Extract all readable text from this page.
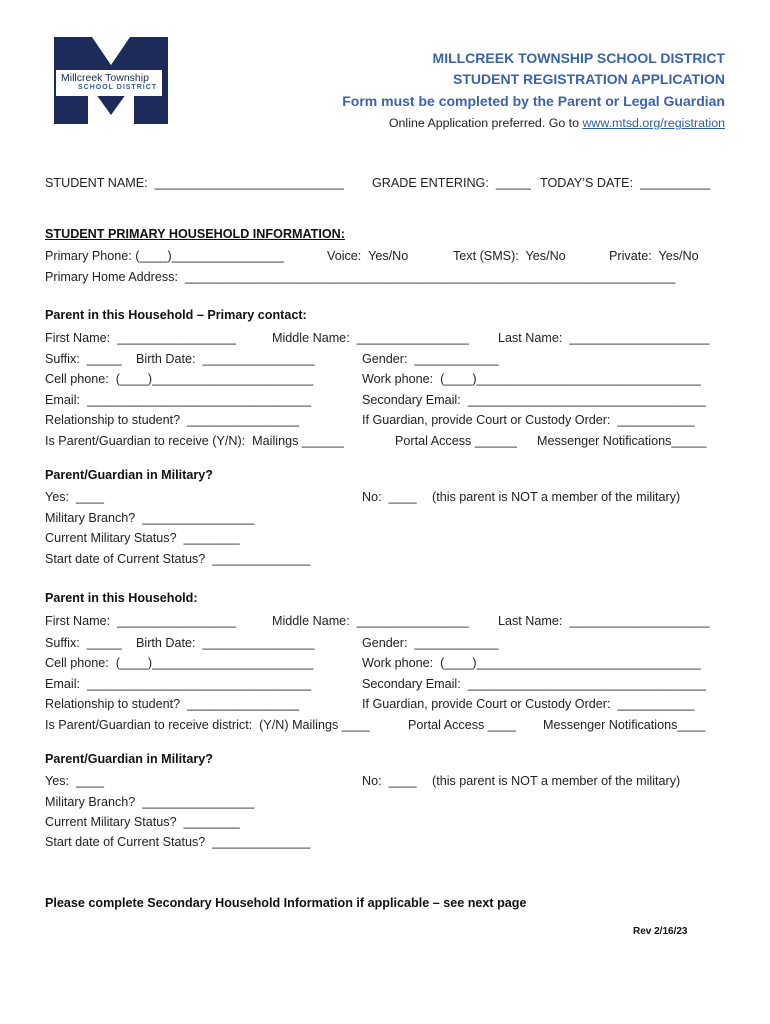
Millcreek Township
SCHOOL DISTRICT
MILLCREEK TOWNSHIP SCHOOL DISTRICT
STUDENT REGISTRATION APPLICATION
Form must be completed by the Parent or Legal Guardian
Online Application preferred. Go to www.mtsd.org/registration
STUDENT NAME:  ___________________________ GRADE ENTERING:  _____ TODAY’S DATE:  __________
STUDENT PRIMARY HOUSEHOLD INFORMATION:
Primary Phone: (____)________________	Voice:  Yes/No	Text (SMS):  Yes/No	Private:  Yes/No
Primary Home Address:  ______________________________________________________________________
Parent in this Household – Primary contact:
First Name:  _________________	Middle Name:  ________________ Last Name:  ____________________
Suffix:  _____ Birth Date:  ________________	Gender:  ____________
Cell phone:  (____)_______________________	Work phone:  (____)________________________________
Email:  ________________________________	Secondary Email:  __________________________________
Relationship to student?  ________________	If Guardian, provide Court or Custody Order:  ___________
Is Parent/Guardian to receive (Y/N):  Mailings ______	Portal Access ______ Messenger Notifications_____
Parent/Guardian in Military?
Yes:  ____	No:  ____ (this parent is NOT a member of the military)
Military Branch?  ________________
Current Military Status?  ________
Start date of Current Status?  ______________
Parent in this Household:
First Name:  _________________	Middle Name:  ________________ Last Name:  ____________________
Suffix:  _____ Birth Date:  ________________	Gender:  ____________
Cell phone:  (____)_______________________	Work phone:  (____)________________________________
Email:  ________________________________	Secondary Email:  __________________________________
Relationship to student?  ________________	If Guardian, provide Court or Custody Order:  ___________
Is Parent/Guardian to receive district:  (Y/N) Mailings ____	Portal Access ____ Messenger Notifications____
Parent/Guardian in Military?
Yes:  ____	No:  ____ (this parent is NOT a member of the military)
Military Branch?  ________________
Current Military Status?  ________
Start date of Current Status?  ______________
Please complete Secondary Household Information if applicable – see next page
Rev 2/16/23
